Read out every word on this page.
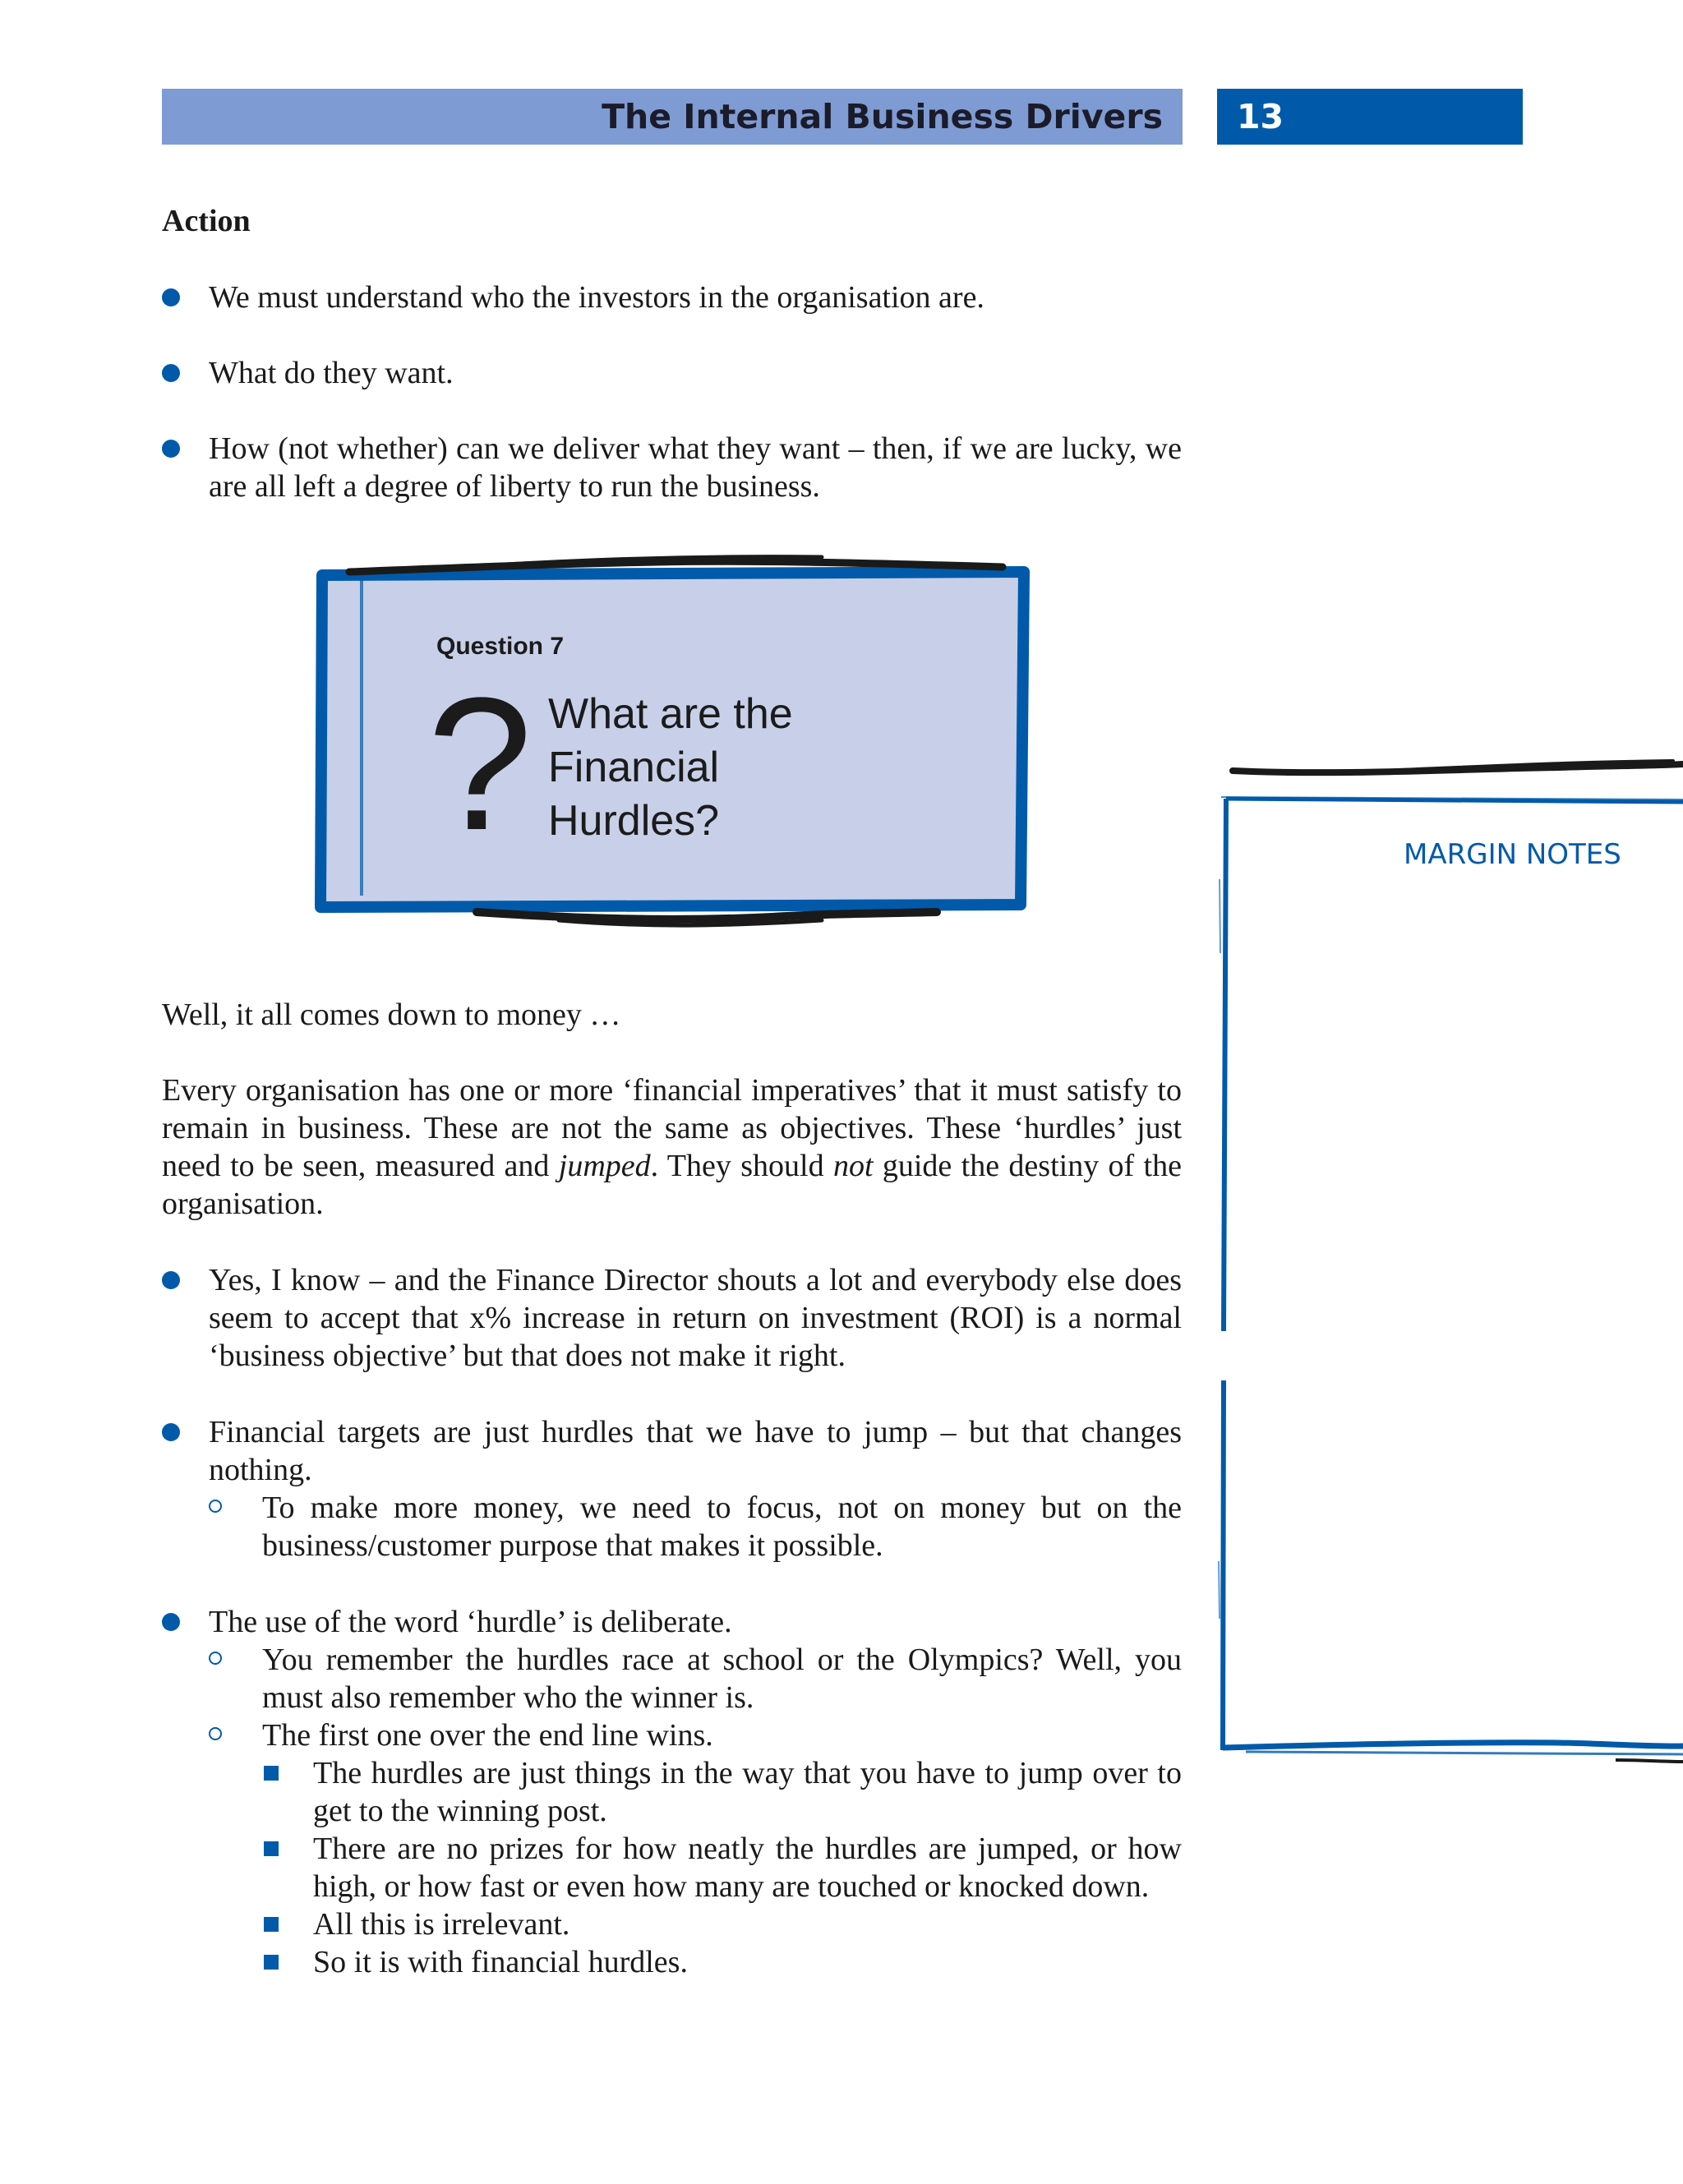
The Internal Business Drivers 13

Action

We must understand who the investors in the organisation are.

What do they want.

How (not whether) can we deliver what they want – then, if we are lucky, we are all left a degree of liberty to run the business.

Question 7
? What are the
Financial
Hurdles?

Well, it all comes down to money …

Every organisation has one or more ‘financial imperatives’ that it must satisfy to remain in business. These are not the same as objectives. These ‘hurdles’ just need to be seen, measured and jumped. They should not guide the destiny of the organisation.

Yes, I know – and the Finance Director shouts a lot and everybody else does seem to accept that x% increase in return on investment (ROI) is a normal ‘business objective’ but that does not make it right.

Financial targets are just hurdles that we have to jump – but that changes nothing.

To make more money, we need to focus, not on money but on the business/customer purpose that makes it possible.

The use of the word ‘hurdle’ is deliberate.

You remember the hurdles race at school or the Olympics? Well, you must also remember who the winner is.

The first one over the end line wins.

The hurdles are just things in the way that you have to jump over to get to the winning post.

There are no prizes for how neatly the hurdles are jumped, or how high, or how fast or even how many are touched or knocked down.

All this is irrelevant.

So it is with financial hurdles.

MARGIN NOTES
